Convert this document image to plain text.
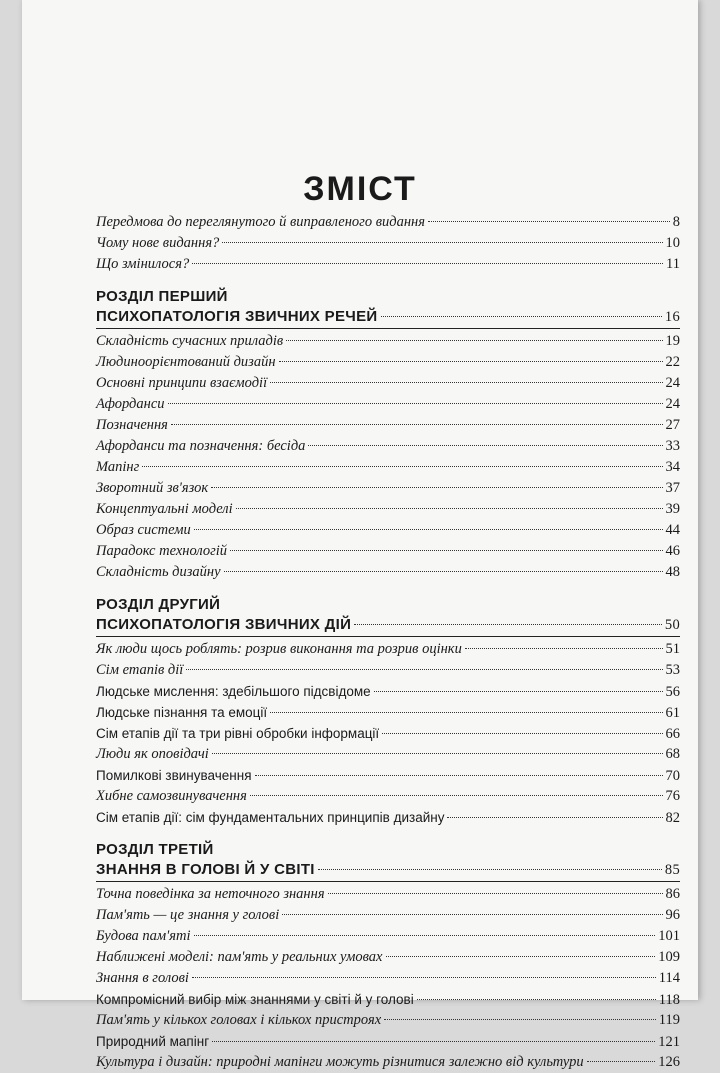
ЗМІСТ
Передмова до переглянутого й виправленого видання	8
Чому нове видання?	10
Що змінилося?	11
РОЗДІЛ ПЕРШИЙ
ПСИХОПАТОЛОГІЯ ЗВИЧНИХ РЕЧЕЙ	16
Складність сучасних приладів	19
Людиноорієнтований дизайн	22
Основні принципи взаємодії	24
Афорданси	24
Позначення	27
Афорданси та позначення: бесіда	33
Мапінг	34
Зворотний зв'язок	37
Концептуальні моделі	39
Образ системи	44
Парадокс технологій	46
Складність дизайну	48
РОЗДІЛ ДРУГИЙ
ПСИХОПАТОЛОГІЯ ЗВИЧНИХ ДІЙ	50
Як люди щось роблять: розрив виконання та розрив оцінки	51
Сім етапів дії	53
Людське мислення: здебільшого підсвідоме	56
Людське пізнання та емоції	61
Сім етапів дії та три рівні обробки інформації	66
Люди як оповідачі	68
Помилкові звинувачення	70
Хибне самозвинувачення	76
Сім етапів дії: сім фундаментальних принципів дизайну	82
РОЗДІЛ ТРЕТІЙ
ЗНАННЯ В ГОЛОВІ Й У СВІТІ	85
Точна поведінка за неточного знання	86
Пам'ять — це знання у голові	96
Будова пам'яті	101
Наближені моделі: пам'ять у реальних умовах	109
Знання в голові	114
Компромісний вибір між знаннями у світі й у голові	118
Пам'ять у кількох головах і кількох пристроях	119
Природний мапінг	121
Культура і дизайн: природні мапінги можуть різнитися залежно від культури	126
